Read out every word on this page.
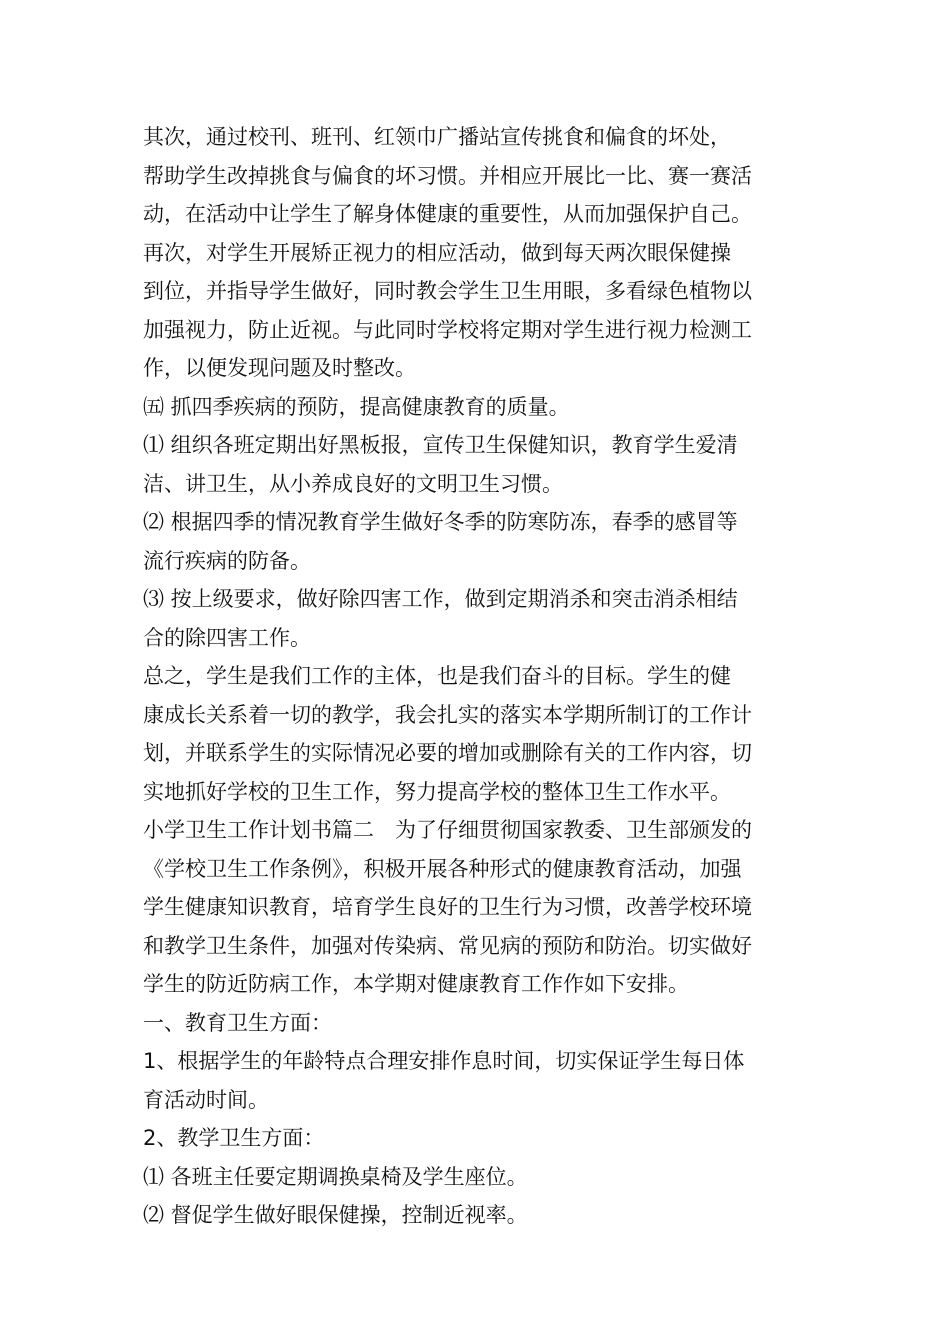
其次，通过校刊、班刊、红领巾广播站宣传挑食和偏食的坏处，
帮助学生改掉挑食与偏食的坏习惯。并相应开展比一比、赛一赛活
动，在活动中让学生了解身体健康的重要性，从而加强保护自己。
再次，对学生开展矫正视力的相应活动，做到每天两次眼保健操
到位，并指导学生做好，同时教会学生卫生用眼，多看绿色植物以
加强视力，防止近视。与此同时学校将定期对学生进行视力检测工
作，以便发现问题及时整改。
㈤ 抓四季疾病的预防，提高健康教育的质量。
⑴ 组织各班定期出好黑板报，宣传卫生保健知识，教育学生爱清
洁、讲卫生，从小养成良好的文明卫生习惯。
⑵ 根据四季的情况教育学生做好冬季的防寒防冻，春季的感冒等
流行疾病的防备。
⑶ 按上级要求，做好除四害工作，做到定期消杀和突击消杀相结
合的除四害工作。
总之，学生是我们工作的主体，也是我们奋斗的目标。学生的健
康成长关系着一切的教学，我会扎实的落实本学期所制订的工作计
划，并联系学生的实际情况必要的增加或删除有关的工作内容，切
实地抓好学校的卫生工作，努力提高学校的整体卫生工作水平。
小学卫生工作计划书篇二　为了仔细贯彻国家教委、卫生部颁发的
《学校卫生工作条例》，积极开展各种形式的健康教育活动，加强
学生健康知识教育，培育学生良好的卫生行为习惯，改善学校环境
和教学卫生条件，加强对传染病、常见病的预防和防治。切实做好
学生的防近防病工作，本学期对健康教育工作作如下安排。
一、教育卫生方面：
1、根据学生的年龄特点合理安排作息时间，切实保证学生每日体
育活动时间。
2、教学卫生方面：
⑴ 各班主任要定期调换桌椅及学生座位。
⑵ 督促学生做好眼保健操，控制近视率。
